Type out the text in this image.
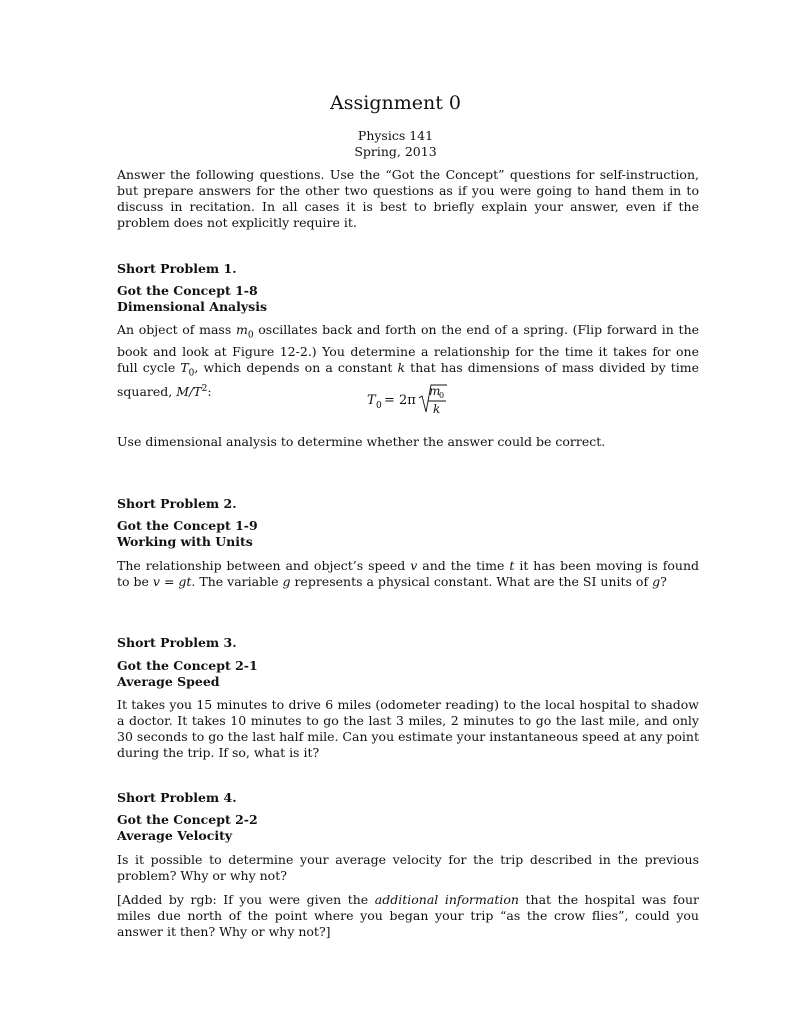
Assignment 0
Physics 141
Spring, 2013
Answer the following questions. Use the “Got the Concept” questions for self-instruction, but prepare answers for the other two questions as if you were going to hand them in to discuss in recitation. In all cases it is best to briefly explain your answer, even if the problem does not explicitly require it.
Short Problem 1.
Got the Concept 1-8
Dimensional Analysis
An object of mass $m_0$ oscillates back and forth on the end of a spring. (Flip forward in the book and look at Figure 12-2.) You determine a relationship for the time it takes for one full cycle $T_0$, which depends on a constant k that has dimensions of mass divided by time squared, $M/T^2$:
T 0 = 2π
m
0
k
Use dimensional analysis to determine whether the answer could be correct.
Short Problem 2.
Got the Concept 1-9
Working with Units
The relationship between and object’s speed v and the time t it has been moving is found to be v = gt. The variable g represents a physical constant. What are the SI units of g?
Short Problem 3.
Got the Concept 2-1
Average Speed
It takes you 15 minutes to drive 6 miles (odometer reading) to the local hospital to shadow a doctor. It takes 10 minutes to go the last 3 miles, 2 minutes to go the last mile, and only 30 seconds to go the last half mile. Can you estimate your instantaneous speed at any point during the trip. If so, what is it?
Short Problem 4.
Got the Concept 2-2
Average Velocity
Is it possible to determine your average velocity for the trip described in the previous problem? Why or why not?
[Added by rgb: If you were given the additional information that the hospital was four miles due north of the point where you began your trip “as the crow flies”, could you answer it then? Why or why not?]
